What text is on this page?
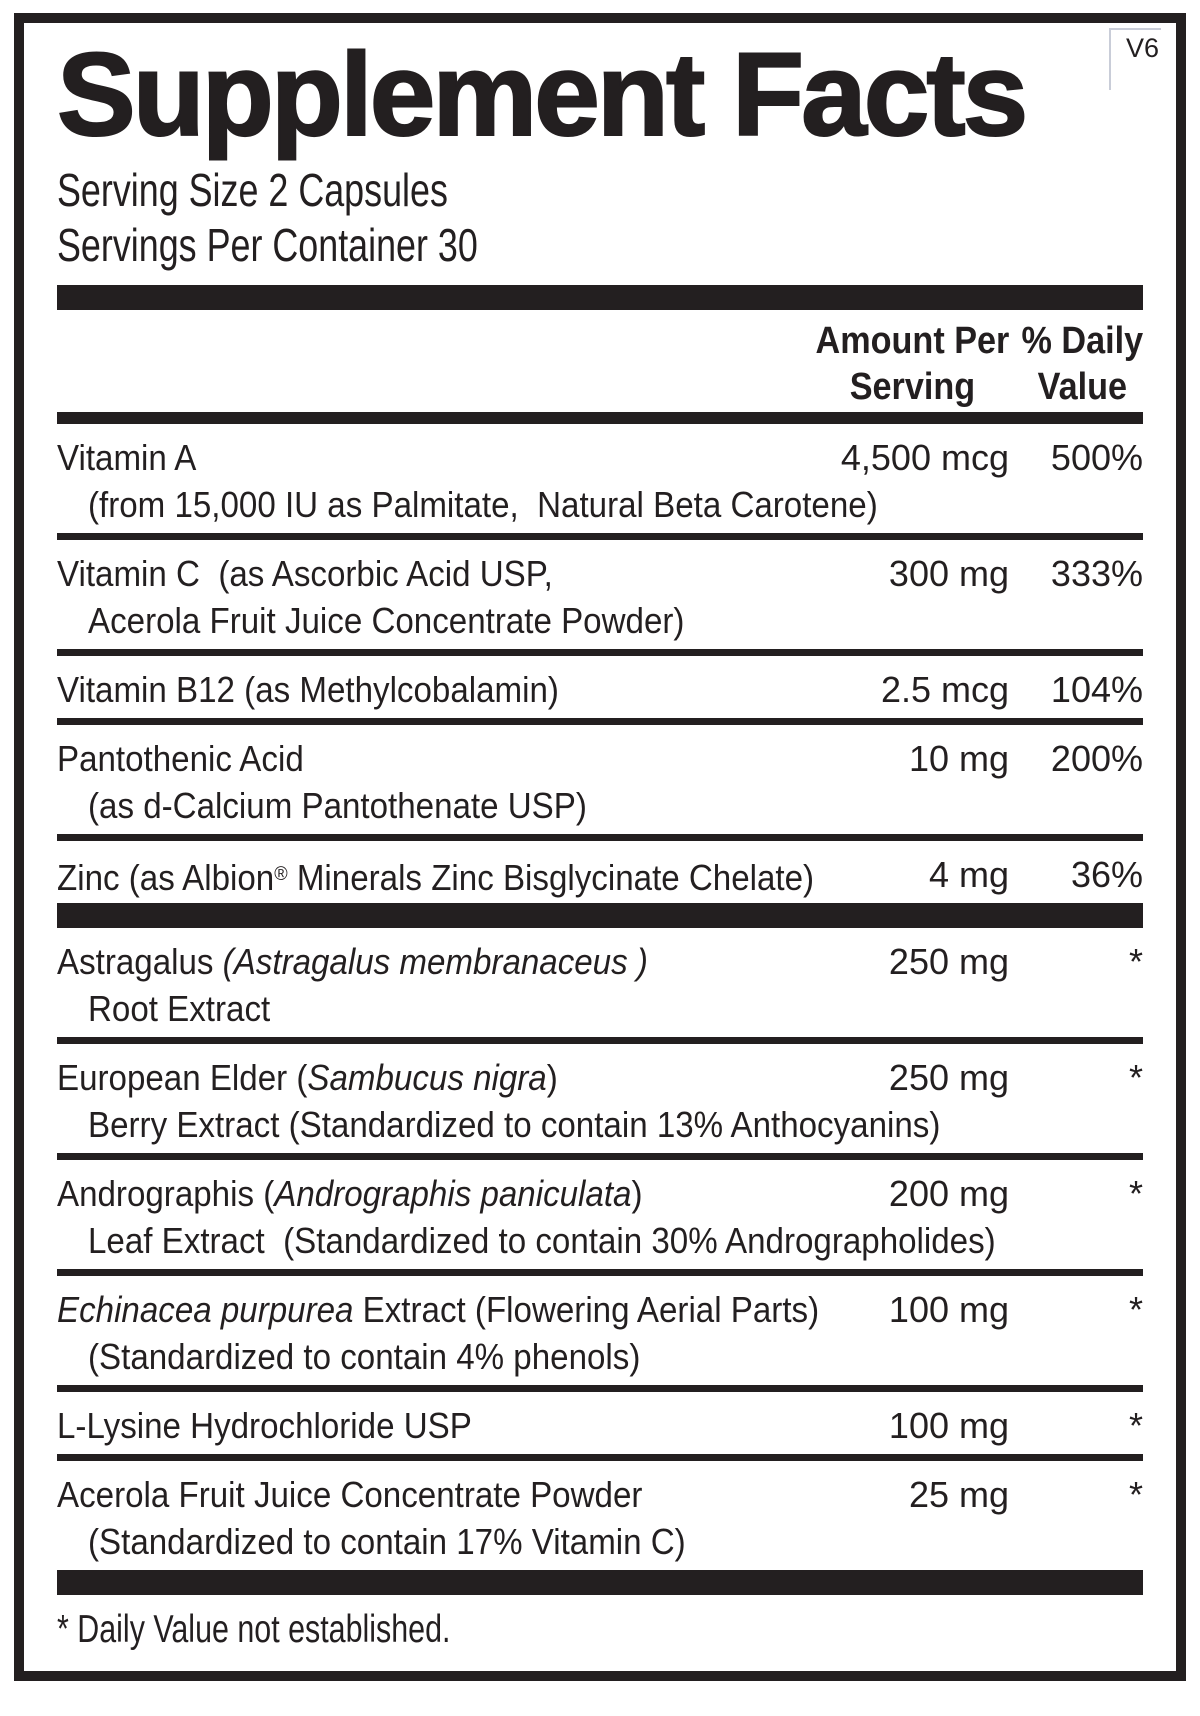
V6
Supplement Facts
Serving Size 2 Capsules
Servings Per Container 30
Amount Per
Serving
% Daily
Value
Vitamin A	4,500 mcg 500%
(from 15,000 IU as Palmitate,  Natural Beta Carotene)
Vitamin C  (as Ascorbic Acid USP,	300 mg 333%
Acerola Fruit Juice Concentrate Powder)
Vitamin B12 (as Methylcobalamin)	2.5 mcg 104%
Pantothenic Acid	10 mg 200%
(as d-Calcium Pantothenate USP)
Zinc (as Albion® Minerals Zinc Bisglycinate Chelate)	4 mg 36%
Astragalus (Astragalus membranaceus )	250 mg	*
Root Extract
European Elder (Sambucus nigra)	250 mg	*
Berry Extract (Standardized to contain 13% Anthocyanins)
Andrographis (Andrographis paniculata)	200 mg	*
Leaf Extract  (Standardized to contain 30% Andrographolides)
Echinacea purpurea Extract (Flowering Aerial Parts)	100 mg	*
(Standardized to contain 4% phenols)
L-Lysine Hydrochloride USP	100 mg	*
Acerola Fruit Juice Concentrate Powder	25 mg	*
(Standardized to contain 17% Vitamin C)
* Daily Value not established.
